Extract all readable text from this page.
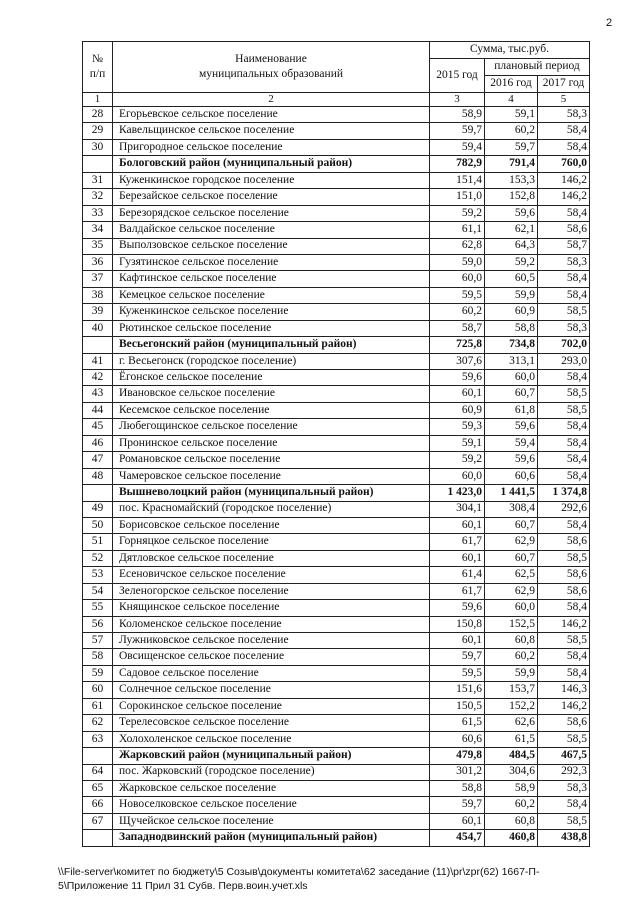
2
№
п/п	Наименование
муниципальных образований	Сумма, тыс.руб.		
		2015 год	плановый период	
			2016 год	2017 год
1	2	3	4	5
28	Егорьевское сельское поселение	58,9	59,1	58,3
29	Кавельщинское сельское поселение	59,7	60,2	58,4
30	Пригородное сельское поселение	59,4	59,7	58,4
	Бологовский район (муниципальный район)	782,9	791,4	760,0
31	Куженкинское городское поселение	151,4	153,3	146,2
32	Березайское сельское поселение	151,0	152,8	146,2
33	Березорядское сельское поселение	59,2	59,6	58,4
34	Валдайское сельское поселение	61,1	62,1	58,6
35	Выползовское сельское поселение	62,8	64,3	58,7
36	Гузятинское сельское поселение	59,0	59,2	58,3
37	Кафтинское сельское поселение	60,0	60,5	58,4
38	Кемецкое сельское поселение	59,5	59,9	58,4
39	Куженкинское сельское поселение	60,2	60,9	58,5
40	Рютинское сельское поселение	58,7	58,8	58,3
	Весьегонский район (муниципальный район)	725,8	734,8	702,0
41	г. Весьегонск (городское поселение)	307,6	313,1	293,0
42	Ёгонское сельское поселение	59,6	60,0	58,4
43	Ивановское сельское поселение	60,1	60,7	58,5
44	Кесемское сельское поселение	60,9	61,8	58,5
45	Любегощинское сельское поселение	59,3	59,6	58,4
46	Пронинское сельское поселение	59,1	59,4	58,4
47	Романовское сельское поселение	59,2	59,6	58,4
48	Чамеровское сельское поселение	60,0	60,6	58,4
	Вышневолоцкий район (муниципальный район)	1 423,0	1 441,5	1 374,8
49	пос. Красномайский (городское поселение)	304,1	308,4	292,6
50	Борисовское сельское поселение	60,1	60,7	58,4
51	Горняцкое сельское поселение	61,7	62,9	58,6
52	Дятловское сельское поселение	60,1	60,7	58,5
53	Есеновичское сельское поселение	61,4	62,5	58,6
54	Зеленогорское сельское поселение	61,7	62,9	58,6
55	Княщинское сельское поселение	59,6	60,0	58,4
56	Коломенское сельское поселение	150,8	152,5	146,2
57	Лужниковское сельское поселение	60,1	60,8	58,5
58	Овсищенское сельское поселение	59,7	60,2	58,4
59	Садовое сельское поселение	59,5	59,9	58,4
60	Солнечное сельское поселение	151,6	153,7	146,3
61	Сорокинское сельское поселение	150,5	152,2	146,2
62	Терелесовское сельское поселение	61,5	62,6	58,6
63	Холохоленское сельское поселение	60,6	61,5	58,5
	Жарковский район (муниципальный район)	479,8	484,5	467,5
64	пос. Жарковский (городское поселение)	301,2	304,6	292,3
65	Жарковское сельское поселение	58,8	58,9	58,3
66	Новоселковское сельское поселение	59,7	60,2	58,4
67	Щучейское сельское поселение	60,1	60,8	58,5
	Западнодвинский район (муниципальный район)	454,7	460,8	438,8
\\File-server\комитет по бюджету\5 Созыв\документы комитета\62 заседание (11)\pr\zpr(62) 1667-П-
5\Приложение 11 Прил 31 Субв. Перв.воин.учет.xls
